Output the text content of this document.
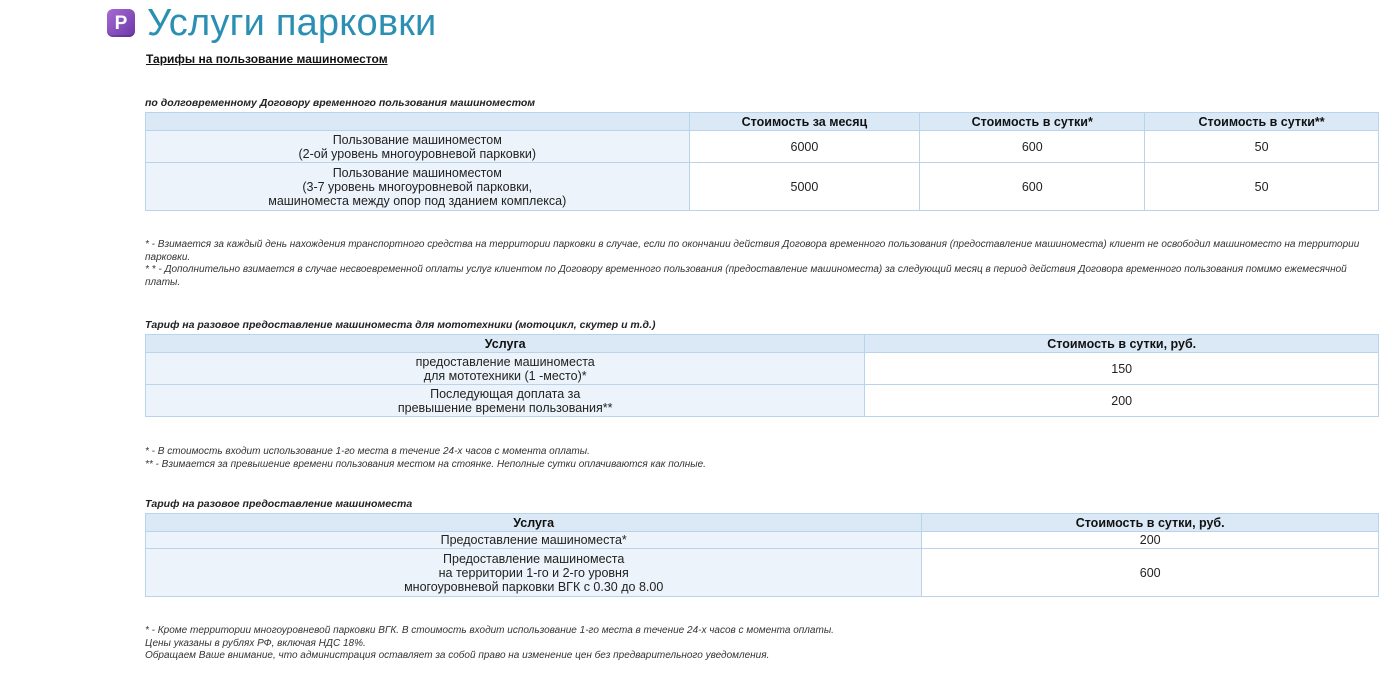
P Услуги парковки
Тарифы на пользование машиноместом
по долговременному Договору временного пользования машиноместом
	Стоимость за месяц	Стоимость в сутки*	Стоимость в сутки**
Пользование машиноместом
(2-ой уровень многоуровневой парковки)	6000	600	50
Пользование машиноместом
(3-7 уровень многоуровневой парковки,
машиноместа между опор под зданием комплекса)	5000	600	50

* - Взимается за каждый день нахождения транспортного средства на территории парковки в случае, если по окончании действия Договора временного пользования (предоставление машиноместа) клиент не освободил машиноместо на территории парковки.

* * - Дополнительно взимается в случае несвоевременной оплаты услуг клиентом по Договору временного пользования (предоставление машиноместа) за следующий месяц в период действия Договора временного пользования помимо ежемесячной платы.

Тариф на разовое предоставление машиноместа для мототехники (мотоцикл, скутер и т.д.)
Услуга	Стоимость в сутки, руб.
предоставление машиноместа
для мототехники (1 -место)*	150
Последующая доплата за
превышение времени пользования**	200

* - В стоимость входит использование 1-го места в течение 24-х часов с момента оплаты.

** - Взимается за превышение времени пользования местом на стоянке. Неполные сутки оплачиваются как полные.

Тариф на разовое предоставление машиноместа
Услуга	Стоимость в сутки, руб.
Предоставление машиноместа*	200
Предоставление машиноместа
на территории 1-го и 2-го уровня
многоуровневой парковки ВГК с 0.30 до 8.00	600

* - Кроме территории многоуровневой парковки ВГК. В стоимость входит использование 1-го места в течение 24-х часов с момента оплаты.

Цены указаны в рублях РФ, включая НДС 18%.

Обращаем Ваше внимание, что администрация оставляет за собой право на изменение цен без предварительного уведомления.
